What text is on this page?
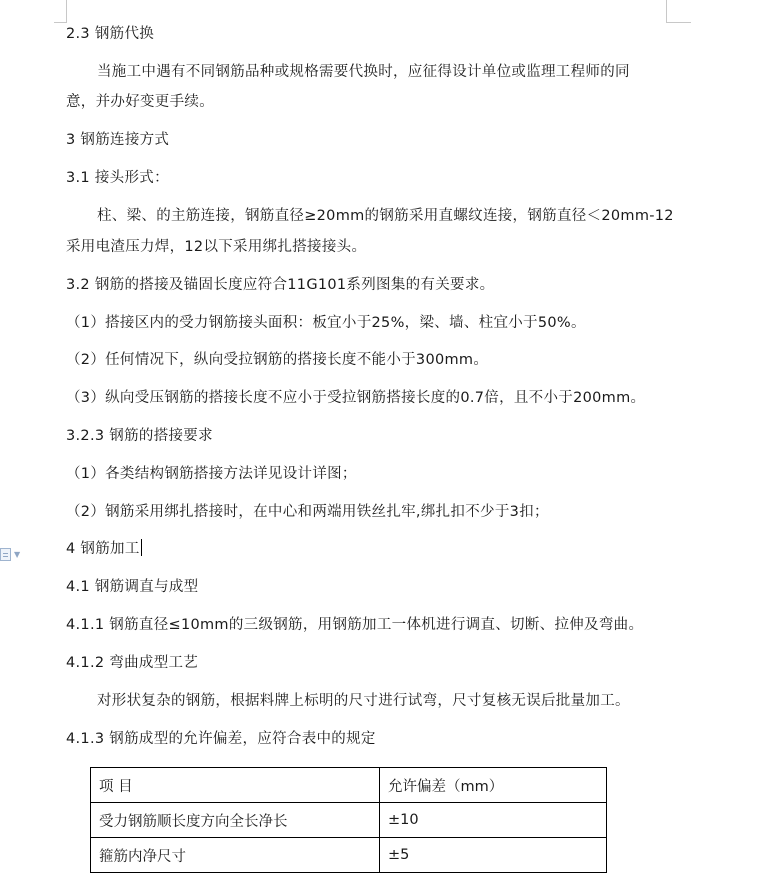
2.3 钢筋代换
当施工中遇有不同钢筋品种或规格需要代换时，应征得设计单位或监理工程师的同
意，并办好变更手续。
3 钢筋连接方式
3.1 接头形式：
柱、梁、的主筋连接，钢筋直径≥20mm的钢筋采用直螺纹连接，钢筋直径＜20mm-12
采用电渣压力焊，12以下采用绑扎搭接接头。
3.2 钢筋的搭接及锚固长度应符合11G101系列图集的有关要求。
（1）搭接区内的受力钢筋接头面积：板宜小于25%，梁、墙、柱宜小于50%。
（2）任何情况下，纵向受拉钢筋的搭接长度不能小于300mm。
（3）纵向受压钢筋的搭接长度不应小于受拉钢筋搭接长度的0.7倍，且不小于200mm。
3.2.3 钢筋的搭接要求
（1）各类结构钢筋搭接方法详见设计详图；
（2）钢筋采用绑扎搭接时，在中心和两端用铁丝扎牢,绑扎扣不少于3扣；
4 钢筋加工
4.1 钢筋调直与成型
4.1.1 钢筋直径≤10mm的三级钢筋，用钢筋加工一体机进行调直、切断、拉伸及弯曲。
4.1.2 弯曲成型工艺
对形状复杂的钢筋，根据料牌上标明的尺寸进行试弯，尺寸复核无误后批量加工。
4.1.3 钢筋成型的允许偏差，应符合表中的规定
▼
项 目	允许偏差（mm）
受力钢筋顺长度方向全长净长	±10
箍筋内净尺寸	±5
